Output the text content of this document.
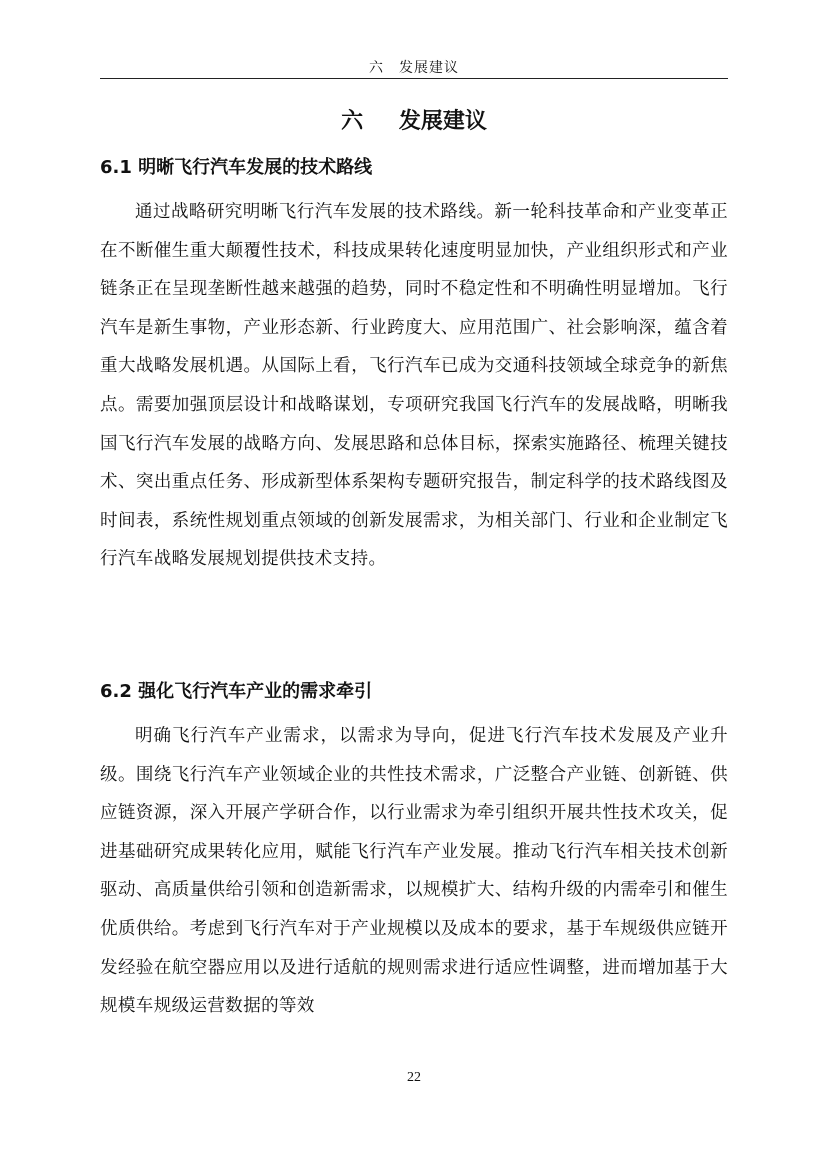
六　发展建议
六 发展建议
6.1 明晰飞行汽车发展的技术路线
通过战略研究明晰飞行汽车发展的技术路线。新一轮科技革命和产业变革正在不断催生重大颠覆性技术，科技成果转化速度明显加快，产业组织形式和产业链条正在呈现垄断性越来越强的趋势，同时不稳定性和不明确性明显增加。飞行汽车是新生事物，产业形态新、行业跨度大、应用范围广、社会影响深，蕴含着重大战略发展机遇。从国际上看，飞行汽车已成为交通科技领域全球竞争的新焦点。需要加强顶层设计和战略谋划，专项研究我国飞行汽车的发展战略，明晰我国飞行汽车发展的战略方向、发展思路和总体目标，探索实施路径、梳理关键技术、突出重点任务、形成新型体系架构专题研究报告，制定科学的技术路线图及时间表，系统性规划重点领域的创新发展需求，为相关部门、行业和企业制定飞行汽车战略发展规划提供技术支持。
6.2 强化飞行汽车产业的需求牵引
明确飞行汽车产业需求，以需求为导向，促进飞行汽车技术发展及产业升级。围绕飞行汽车产业领域企业的共性技术需求，广泛整合产业链、创新链、供应链资源，深入开展产学研合作，以行业需求为牵引组织开展共性技术攻关，促进基础研究成果转化应用，赋能飞行汽车产业发展。推动飞行汽车相关技术创新驱动、高质量供给引领和创造新需求，以规模扩大、结构升级的内需牵引和催生优质供给。考虑到飞行汽车对于产业规模以及成本的要求，基于车规级供应链开发经验在航空器应用以及进行适航的规则需求进行适应性调整，进而增加基于大规模车规级运营数据的等效
22
